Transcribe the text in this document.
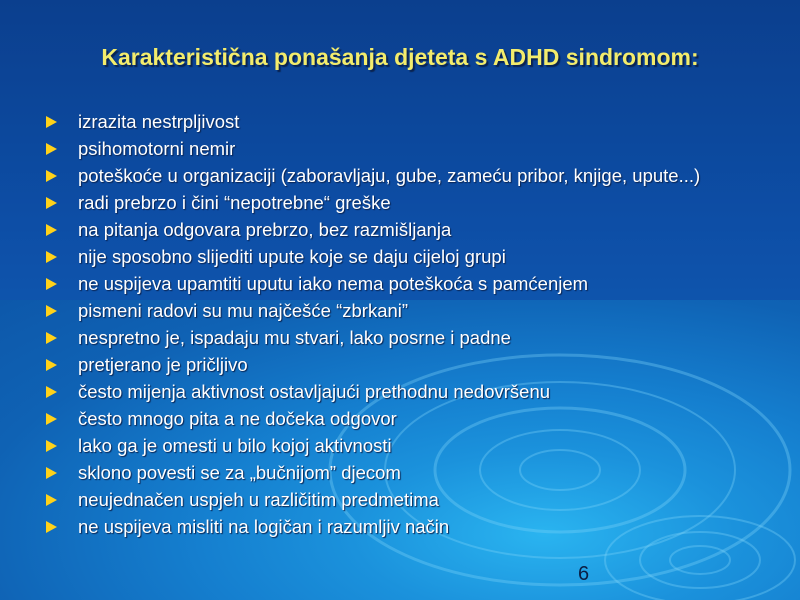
Karakteristična ponašanja djeteta s ADHD sindromom:
izrazita nestrpljivost
psihomotorni nemir
poteškoće u organizaciji (zaboravljaju, gube, zameću pribor, knjige, upute...)
radi prebrzo i čini “nepotrebne“ greške
na pitanja odgovara prebrzo, bez razmišljanja
nije sposobno slijediti upute koje se daju cijeloj grupi
ne uspijeva upamtiti uputu iako nema poteškoća s pamćenjem
pismeni radovi su mu najčešće “zbrkani”
nespretno je, ispadaju mu stvari, lako posrne i padne
pretjerano je pričljivo
često mijenja aktivnost ostavljajući prethodnu nedovršenu
često mnogo pita a ne dočeka odgovor
lako ga je omesti u bilo kojoj aktivnosti
sklono povesti se za „bučnijom” djecom
neujednačen uspjeh u različitim predmetima
ne uspijeva misliti na logičan i razumljiv način
6
